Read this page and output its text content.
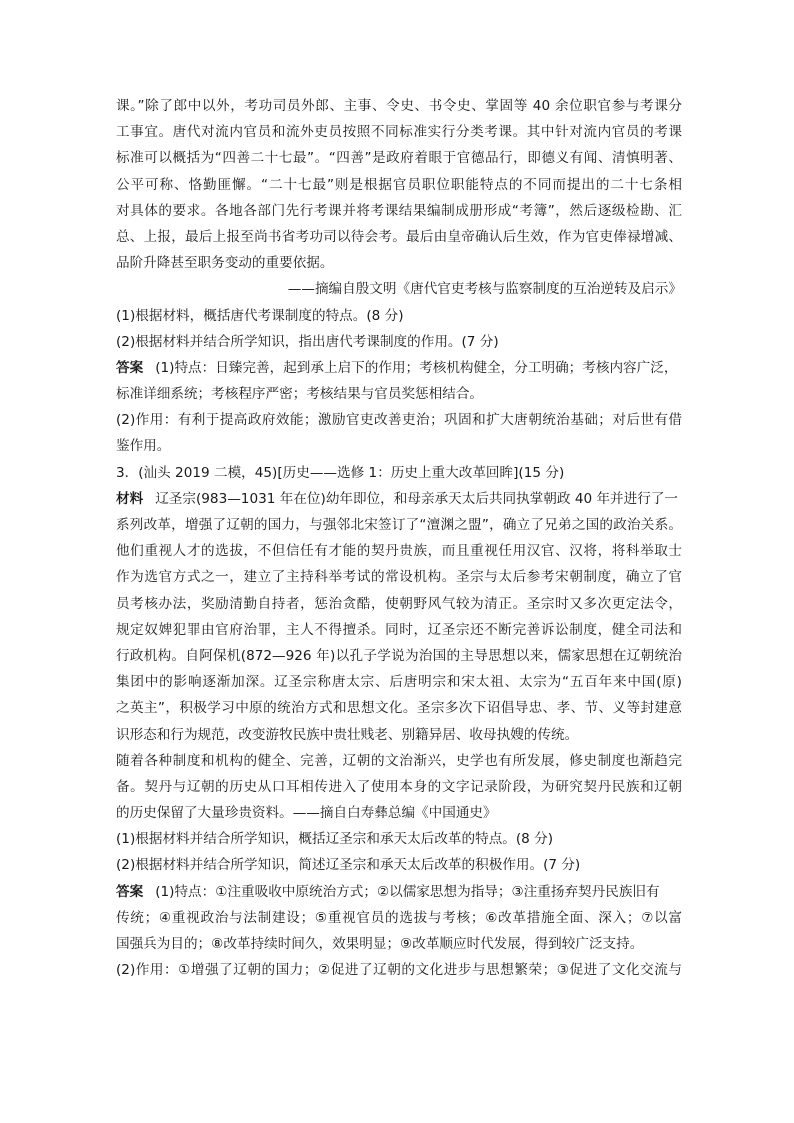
课。”除了郎中以外，考功司员外郎、主事、令史、书令史、掌固等 40 余位职官参与考课分
工事宜。唐代对流内官员和流外吏员按照不同标准实行分类考课。其中针对流内官员的考课
标准可以概括为“四善二十七最”。“四善”是政府着眼于官德品行，即德义有闻、清慎明著、
公平可称、恪勤匪懈。“二十七最”则是根据官员职位职能特点的不同而提出的二十七条相
对具体的要求。各地各部门先行考课并将考课结果编制成册形成“考簿”，然后逐级检勘、汇
总、上报，最后上报至尚书省考功司以待会考。最后由皇帝确认后生效，作为官吏俸禄增减、
品阶升降甚至职务变动的重要依据。
——摘编自殷文明《唐代官吏考核与监察制度的互治逆转及启示》
(1)根据材料，概括唐代考课制度的特点。(8 分)
(2)根据材料并结合所学知识，指出唐代考课制度的作用。(7 分)
答案 (1)特点：日臻完善，起到承上启下的作用；考核机构健全，分工明确；考核内容广泛，
标准详细系统；考核程序严密；考核结果与官员奖惩相结合。
(2)作用：有利于提高政府效能；激励官吏改善吏治；巩固和扩大唐朝统治基础；对后世有借
鉴作用。
3．(汕头 2019 二模，45)[历史——选修 1：历史上重大改革回眸](15 分)
材料 辽圣宗(983—1031 年在位)幼年即位，和母亲承天太后共同执掌朝政 40 年并进行了一
系列改革，增强了辽朝的国力，与强邻北宋签订了“澶渊之盟”，确立了兄弟之国的政治关系。
他们重视人才的选拔，不但信任有才能的契丹贵族，而且重视任用汉官、汉将，将科举取士
作为选官方式之一，建立了主持科举考试的常设机构。圣宗与太后参考宋朝制度，确立了官
员考核办法，奖励清勤自持者，惩治贪酷，使朝野风气较为清正。圣宗时又多次更定法令，
规定奴婢犯罪由官府治罪，主人不得擅杀。同时，辽圣宗还不断完善诉讼制度，健全司法和
行政机构。自阿保机(872—926 年)以孔子学说为治国的主导思想以来，儒家思想在辽朝统治
集团中的影响逐渐加深。辽圣宗称唐太宗、后唐明宗和宋太祖、太宗为“五百年来中国(原)
之英主”，积极学习中原的统治方式和思想文化。圣宗多次下诏倡导忠、孝、节、义等封建意
识形态和行为规范，改变游牧民族中贵壮贱老、别籍异居、收母执嫂的传统。
随着各种制度和机构的健全、完善，辽朝的文治渐兴，史学也有所发展，修史制度也渐趋完
备。契丹与辽朝的历史从口耳相传进入了使用本身的文字记录阶段，为研究契丹民族和辽朝
的历史保留了大量珍贵资料。——摘自白寿彝总编《中国通史》
(1)根据材料并结合所学知识，概括辽圣宗和承天太后改革的特点。(8 分)
(2)根据材料并结合所学知识，简述辽圣宗和承天太后改革的积极作用。(7 分)
答案 (1)特点：①注重吸收中原统治方式；②以儒家思想为指导；③注重扬弃契丹民族旧有
传统；④重视政治与法制建设；⑤重视官员的选拔与考核；⑥改革措施全面、深入；⑦以富
国强兵为目的；⑧改革持续时间久，效果明显；⑨改革顺应时代发展，得到较广泛支持。
(2)作用：①增强了辽朝的国力；②促进了辽朝的文化进步与思想繁荣；③促进了文化交流与
